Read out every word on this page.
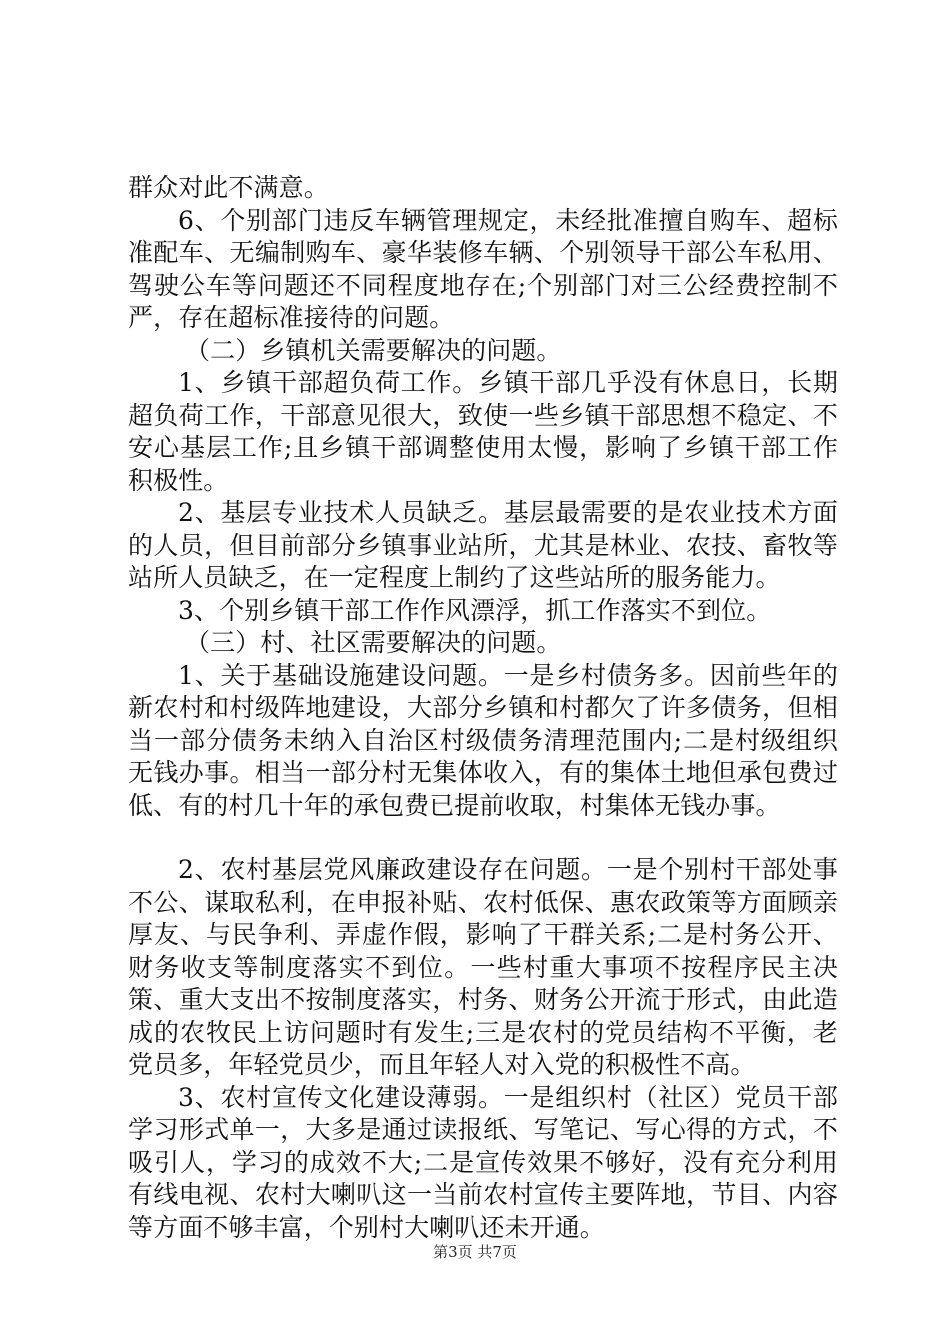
群众对此不满意。

6、个别部门违反车辆管理规定，未经批准擅自购车、超标准配车、无编制购车、豪华装修车辆、个别领导干部公车私用、驾驶公车等问题还不同程度地存在;个别部门对三公经费控制不严，存在超标准接待的问题。

（二）乡镇机关需要解决的问题。

1、乡镇干部超负荷工作。乡镇干部几乎没有休息日，长期超负荷工作，干部意见很大，致使一些乡镇干部思想不稳定、不安心基层工作;且乡镇干部调整使用太慢，影响了乡镇干部工作积极性。

2、基层专业技术人员缺乏。基层最需要的是农业技术方面的人员，但目前部分乡镇事业站所，尤其是林业、农技、畜牧等站所人员缺乏，在一定程度上制约了这些站所的服务能力。

3、个别乡镇干部工作作风漂浮，抓工作落实不到位。

（三）村、社区需要解决的问题。

1、关于基础设施建设问题。一是乡村债务多。因前些年的新农村和村级阵地建设，大部分乡镇和村都欠了许多债务，但相当一部分债务未纳入自治区村级债务清理范围内;二是村级组织无钱办事。相当一部分村无集体收入，有的集体土地但承包费过低、有的村几十年的承包费已提前收取，村集体无钱办事。

2、农村基层党风廉政建设存在问题。一是个别村干部处事不公、谋取私利，在申报补贴、农村低保、惠农政策等方面顾亲厚友、与民争利、弄虚作假，影响了干群关系;二是村务公开、财务收支等制度落实不到位。一些村重大事项不按程序民主决策、重大支出不按制度落实，村务、财务公开流于形式，由此造成的农牧民上访问题时有发生;三是农村的党员结构不平衡，老党员多，年轻党员少，而且年轻人对入党的积极性不高。

3、农村宣传文化建设薄弱。一是组织村（社区）党员干部学习形式单一，大多是通过读报纸、写笔记、写心得的方式，不吸引人，学习的成效不大;二是宣传效果不够好，没有充分利用有线电视、农村大喇叭这一当前农村宣传主要阵地，节目、内容等方面不够丰富，个别村大喇叭还未开通。

第3页 共7页
